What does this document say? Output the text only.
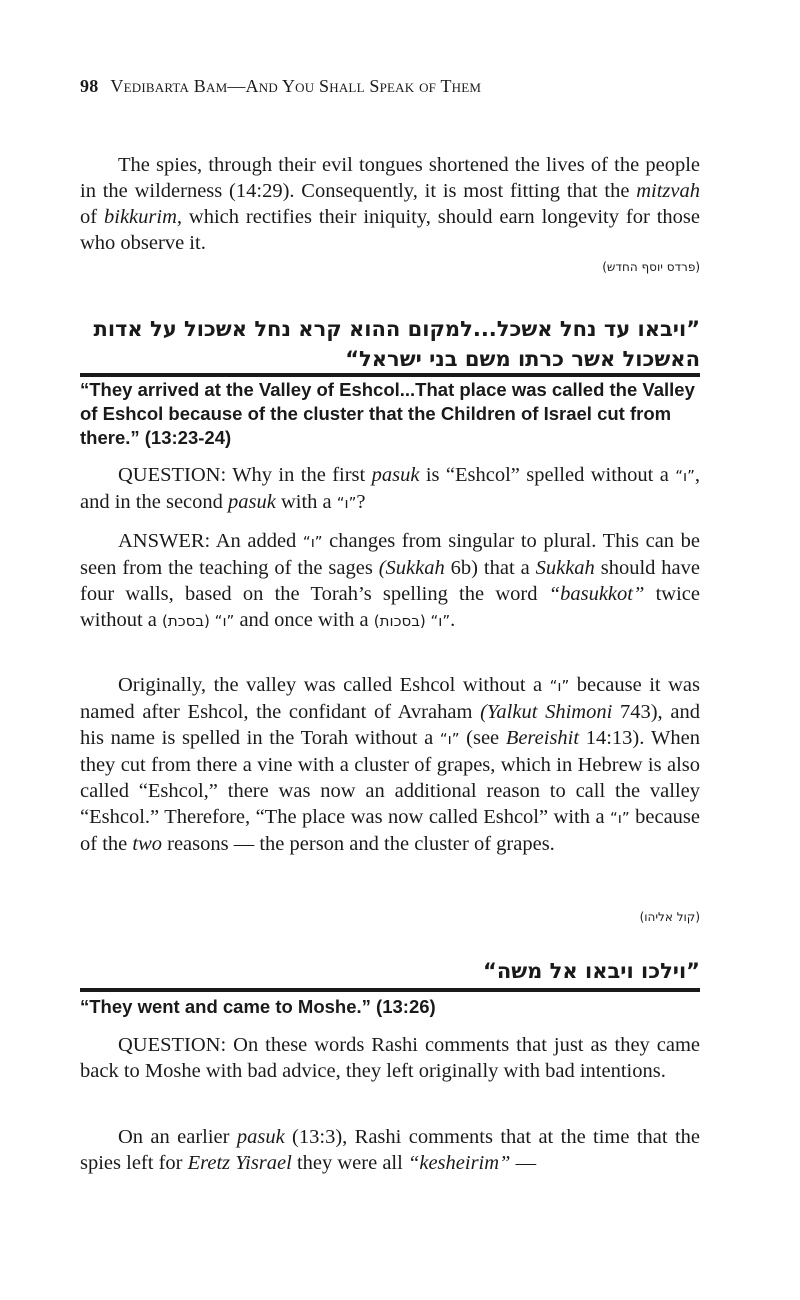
98 Vedibarta Bam—And You Shall Speak of Them

The spies, through their evil tongues shortened the lives of the people in the wilderness (14:29). Consequently, it is most fitting that the mitzvah of bikkurim, which rectifies their iniquity, should earn longevity for those who observe it.

(פרדס יוסף החדש)
”ויבאו עד נחל אשכל...למקום ההוא קרא נחל אשכול על אדות האשכול אשר כרתו משם בני ישראל“
“They arrived at the Valley of Eshcol...That place was called the Valley of Eshcol because of the cluster that the Children of Israel cut from there.” (13:23-24)

QUESTION: Why in the first pasuk is “Eshcol” spelled without a ”ו“, and in the second pasuk with a ”ו“?

ANSWER: An added ”ו“ changes from singular to plural. This can be seen from the teaching of the sages (Sukkah 6b) that a Sukkah should have four walls, based on the Torah’s spelling the word “basukkot” twice without a ”ו“ (בסכת) and once with a ”ו“ (בסכות).

Originally, the valley was called Eshcol without a ”ו“ because it was named after Eshcol, the confidant of Avraham (Yalkut Shimoni 743), and his name is spelled in the Torah without a ”ו“ (see Bereishit 14:13). When they cut from there a vine with a cluster of grapes, which in Hebrew is also called “Eshcol,” there was now an additional reason to call the valley “Eshcol.” Therefore, “The place was now called Eshcol” with a ”ו“ because of the two reasons — the person and the cluster of grapes.

(קול אליהו)
”וילכו ויבאו אל משה“
“They went and came to Moshe.” (13:26)

QUESTION: On these words Rashi comments that just as they came back to Moshe with bad advice, they left originally with bad intentions.

On an earlier pasuk (13:3), Rashi comments that at the time that the spies left for Eretz Yisrael they were all “kesheirim” —
